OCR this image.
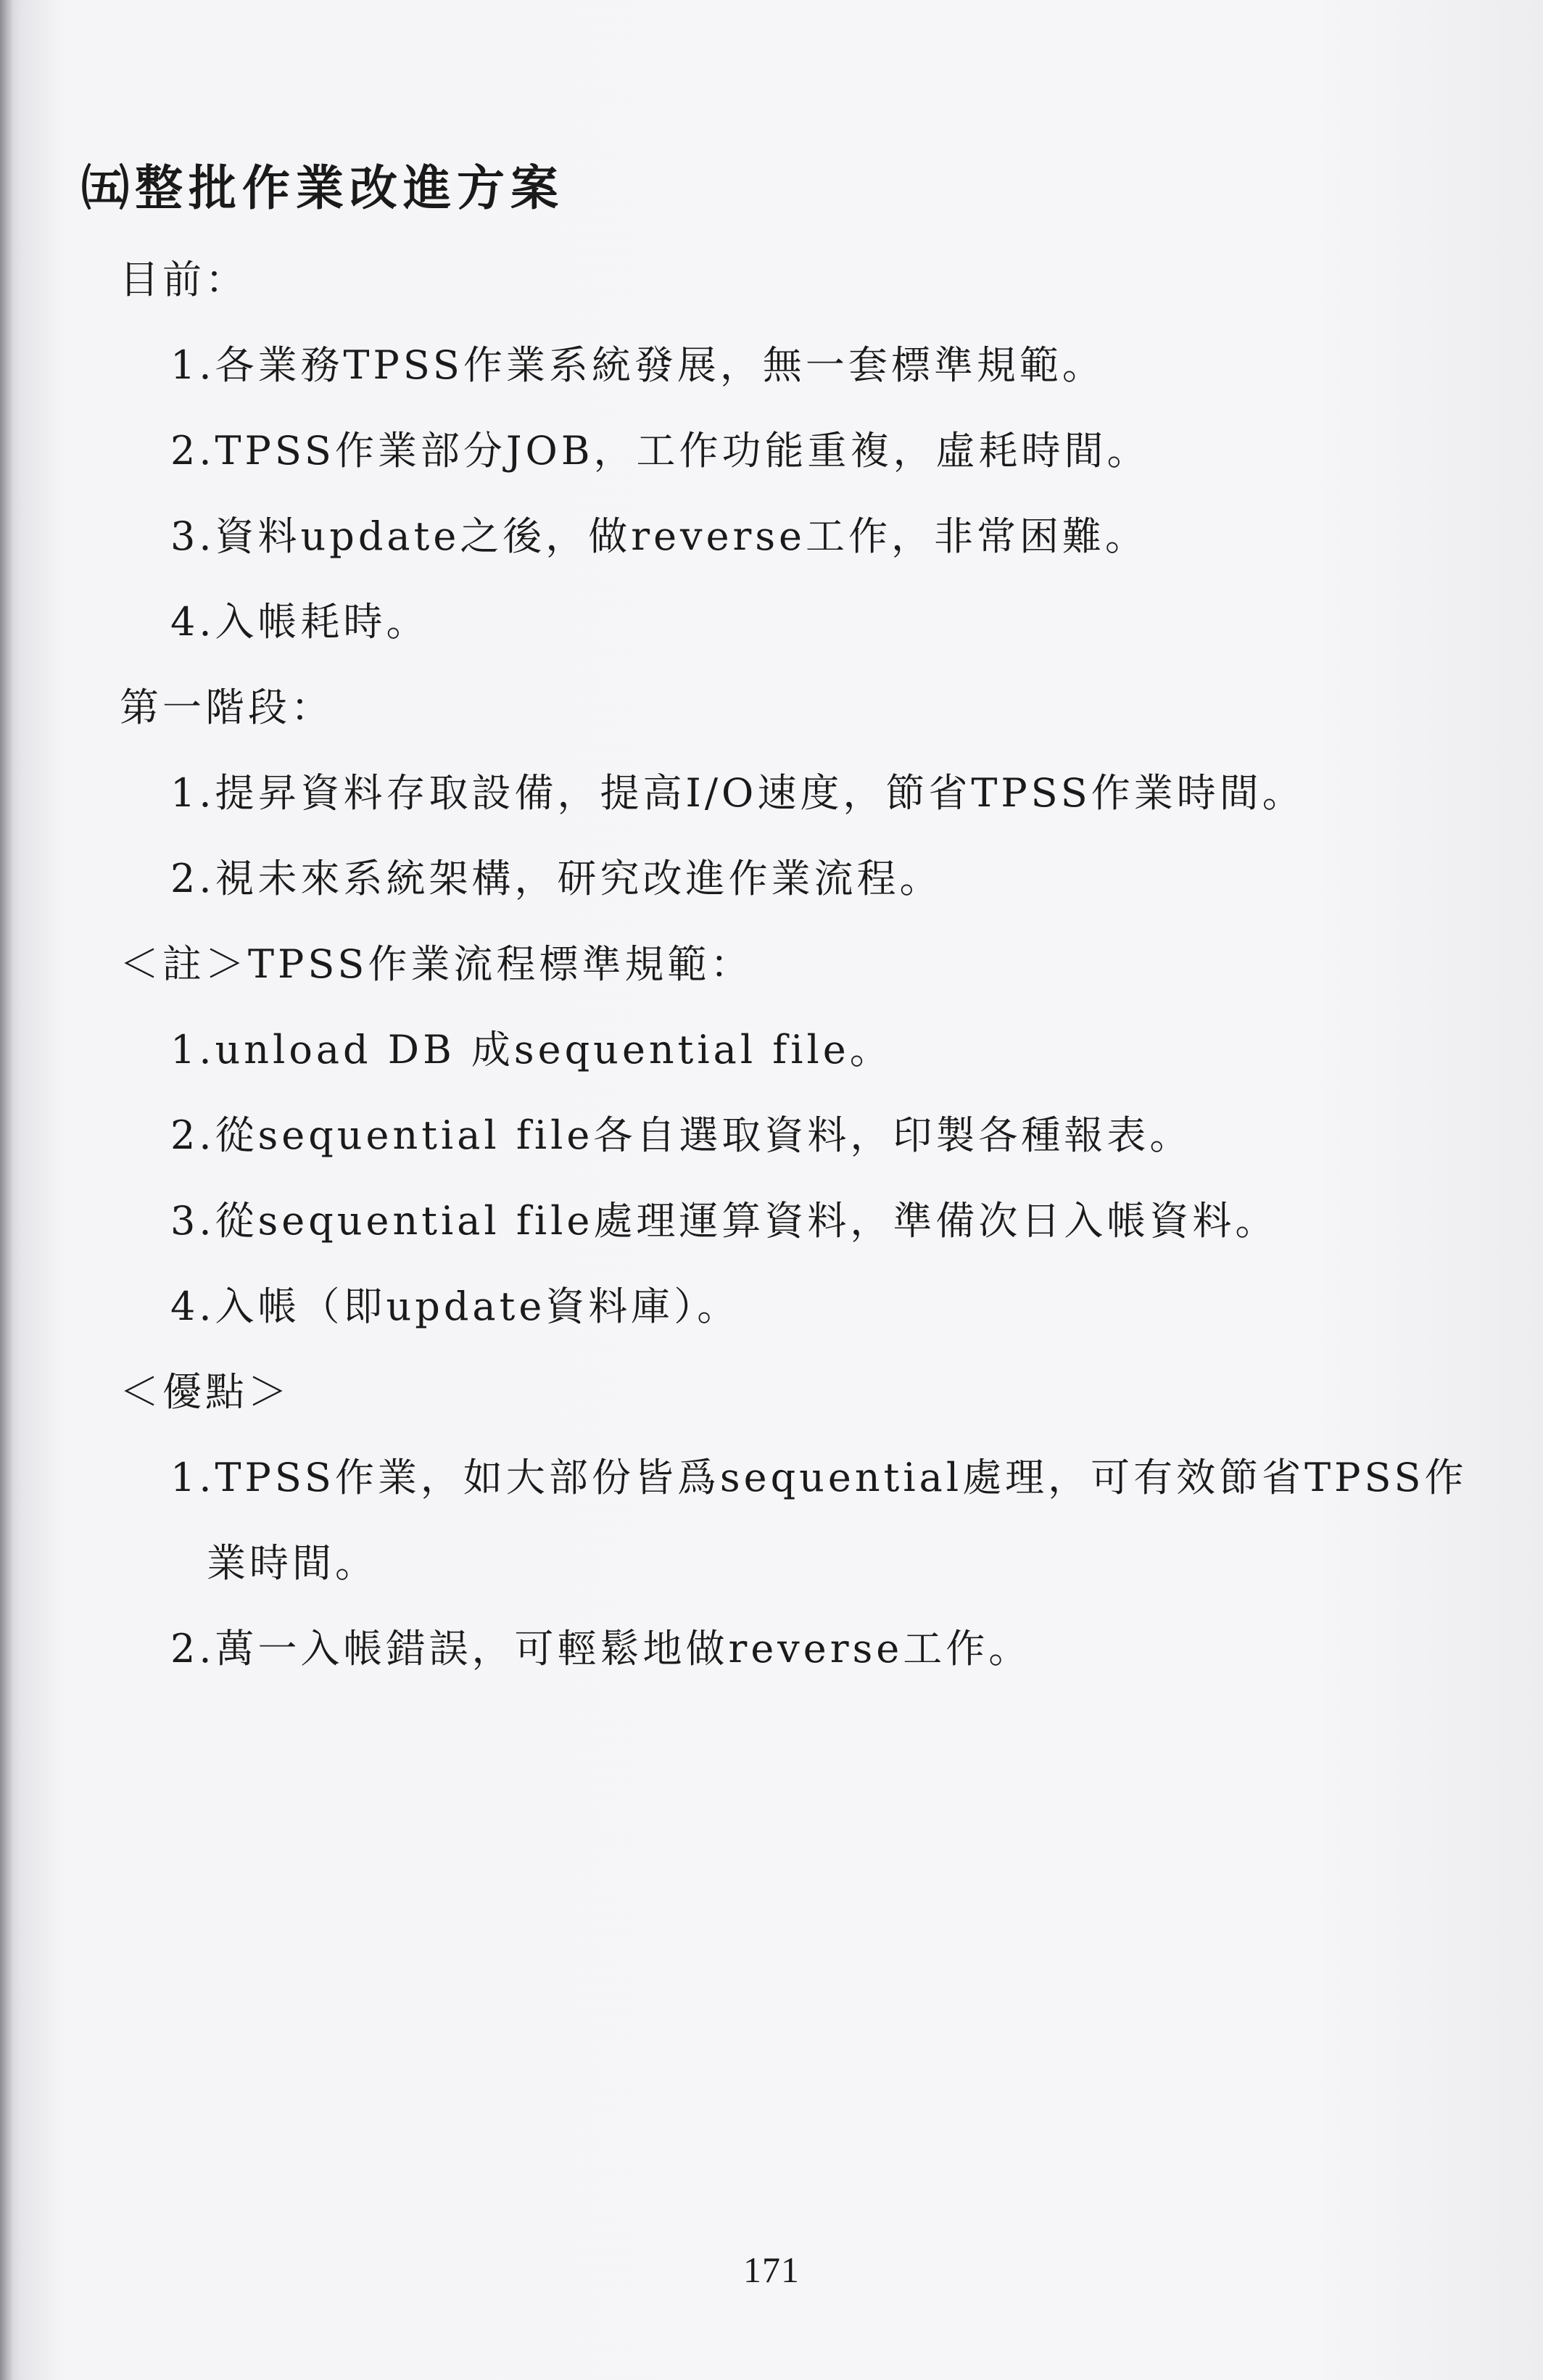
㈤整批作業改進方案
目前：
1.各業務TPSS作業系統發展，無一套標準規範。
2.TPSS作業部分JOB，工作功能重複，虛耗時間。
3.資料update之後，做reverse工作，非常困難。
4.入帳耗時。
第一階段：
1.提昇資料存取設備，提高I/O速度，節省TPSS作業時間。
2.視未來系統架構，研究改進作業流程。
＜註＞TPSS作業流程標準規範：
1.unload DB 成sequential file。
2.從sequential file各自選取資料，印製各種報表。
3.從sequential file處理運算資料，準備次日入帳資料。
4.入帳（即update資料庫）。
＜優點＞
1.TPSS作業，如大部份皆爲sequential處理，可有效節省TPSS作
業時間。
2.萬一入帳錯誤，可輕鬆地做reverse工作。
171
